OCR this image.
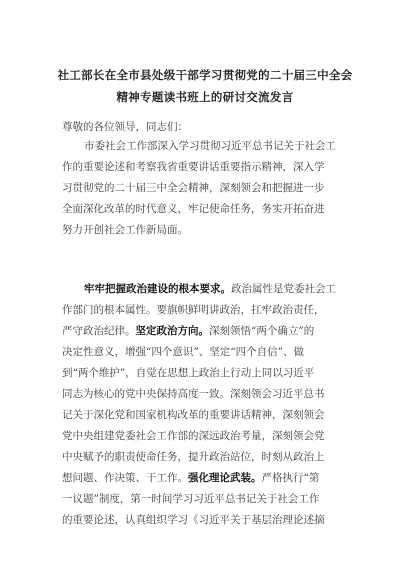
社工部长在全市县处级干部学习贯彻党的二十届三中全会
精神专题读书班上的研讨交流发言
尊敬的各位领导，同志们：
市委社会工作部深入学习贯彻习近平总书记关于社会工
作的重要论述和考察我省重要讲话重要指示精神，深入学
习贯彻党的二十届三中全会精神，深刻领会和把握进一步
全面深化改革的时代意义，牢记使命任务，务实开拓奋进
努力开创社会工作新局面。
牢牢把握政治建设的根本要求。政治属性是党委社会工
作部门的根本属性。要旗帜鲜明讲政治，扛牢政治责任，
严守政治纪律。坚定政治方向。深刻领悟“两个确立”的
决定性意义，增强“四个意识”、坚定“四个自信”、做
到“两个维护”，自觉在思想上政治上行动上同以习近平
同志为核心的党中央保持高度一致。深刻领会习近平总书
记关于深化党和国家机构改革的重要讲话精神，深刻领会
党中央组建党委社会工作部的深远政治考量，深刻领会党
中央赋予的职责使命任务，提升政治站位，时刻从政治上
想问题、作决策、干工作。强化理论武装。严格执行“第
一议题”制度，第一时间学习习近平总书记关于社会工作
的重要论述，认真组织学习《习近平关于基层治理论述摘
